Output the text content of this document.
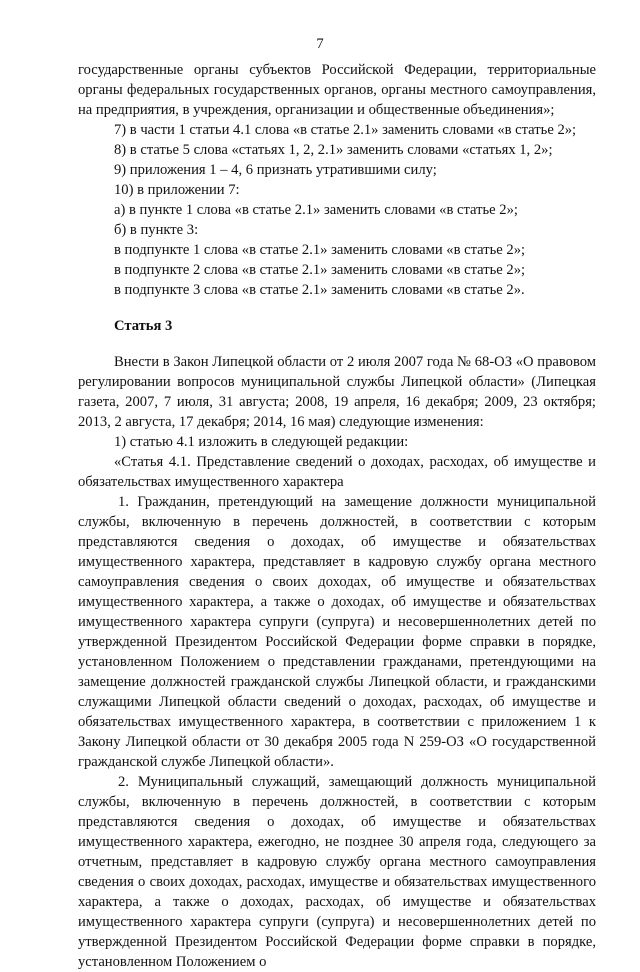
7

государственные органы субъектов Российской Федерации, территориальные органы федеральных государственных органов, органы местного самоуправления, на предприятия, в учреждения, организации и общественные объединения»;

7) в части 1 статьи 4.1 слова «в статье 2.1» заменить словами «в статье 2»;

8) в статье 5 слова «статьях 1, 2, 2.1» заменить словами «статьях 1, 2»;

9) приложения 1 – 4, 6 признать утратившими силу;

10) в приложении 7:

а) в пункте 1 слова «в статье 2.1» заменить словами «в статье 2»;

б) в пункте 3:

в подпункте 1 слова «в статье 2.1» заменить словами «в статье 2»;

в подпункте 2 слова «в статье 2.1» заменить словами «в статье 2»;

в подпункте 3 слова «в статье 2.1» заменить словами «в статье 2».

Статья 3

Внести в Закон Липецкой области от 2 июля 2007 года № 68-ОЗ «О правовом регулировании вопросов муниципальной службы Липецкой области» (Липецкая газета, 2007, 7 июля, 31 августа; 2008, 19 апреля, 16 декабря; 2009, 23 октября; 2013, 2 августа, 17 декабря; 2014, 16 мая) следующие изменения:

1) статью 4.1 изложить в следующей редакции:

«Статья 4.1. Представление сведений о доходах, расходах, об имуществе и обязательствах имущественного характера

1. Гражданин, претендующий на замещение должности муниципальной службы, включенную в перечень должностей, в соответствии с которым представляются сведения о доходах, об имуществе и обязательствах имущественного характера, представляет в кадровую службу органа местного самоуправления сведения о своих доходах, об имуществе и обязательствах имущественного характера, а также о доходах, об имуществе и обязательствах имущественного характера супруги (супруга) и несовершеннолетних детей по утвержденной Президентом Российской Федерации форме справки в порядке, установленном Положением о представлении гражданами, претендующими на замещение должностей гражданской службы Липецкой области, и гражданскими служащими Липецкой области сведений о доходах, расходах, об имуществе и обязательствах имущественного характера, в соответствии с приложением 1 к Закону Липецкой области от 30 декабря 2005 года N 259-ОЗ «О государственной гражданской службе Липецкой области».

2. Муниципальный служащий, замещающий должность муниципальной службы, включенную в перечень должностей, в соответствии с которым представляются сведения о доходах, об имуществе и обязательствах имущественного характера, ежегодно, не позднее 30 апреля года, следующего за отчетным, представляет в кадровую службу органа местного самоуправления сведения о своих доходах, расходах, имуществе и обязательствах имущественного характера, а также о доходах, расходах, об имуществе и обязательствах имущественного характера супруги (супруга) и несовершеннолетних детей по утвержденной Президентом Российской Федерации форме справки в порядке, установленном Положением о
